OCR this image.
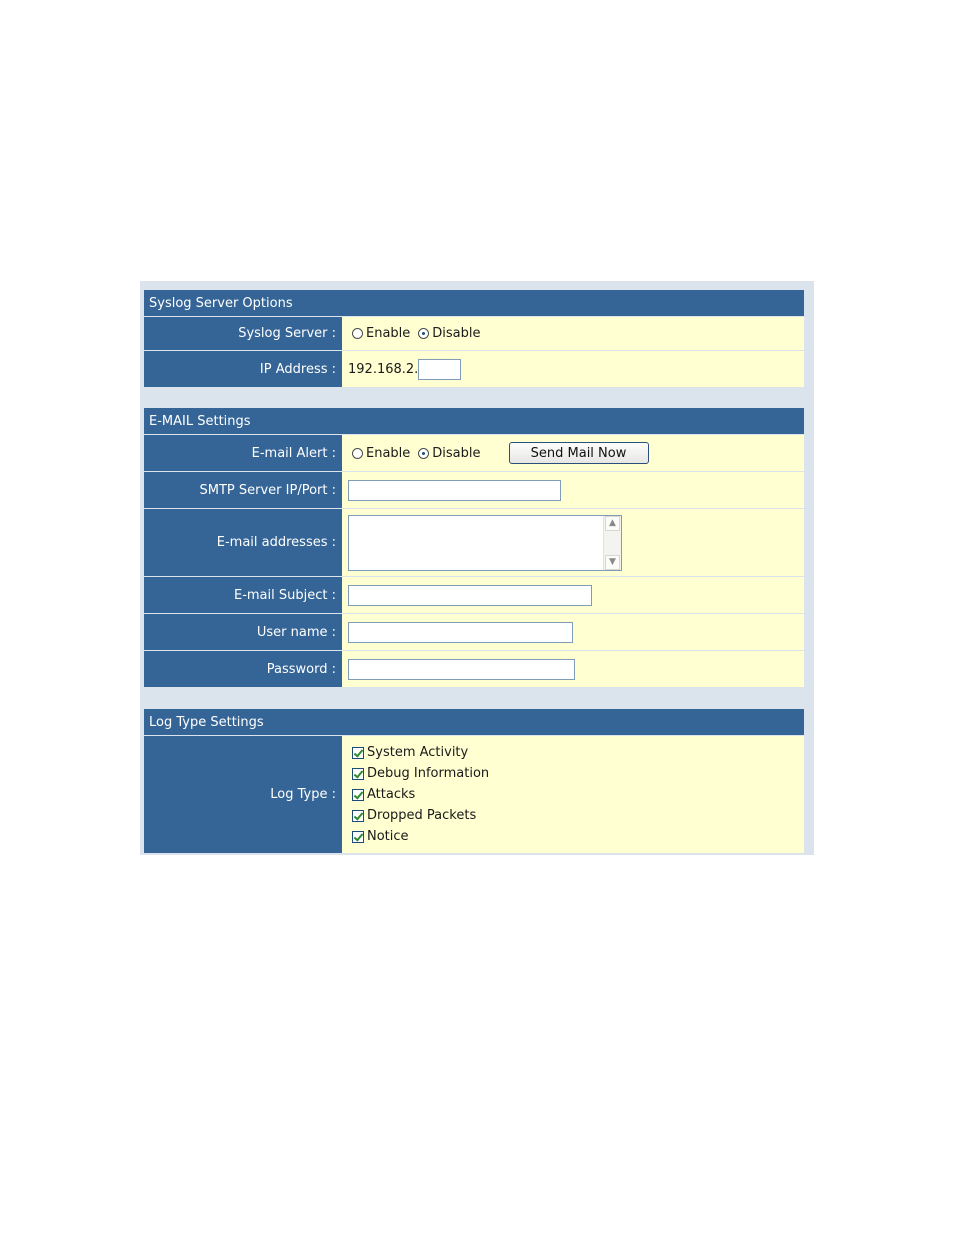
Syslog Server Options
Syslog Server :	Enable Disable
IP Address : 192.168.2.
E-MAIL Settings
E-mail Alert :	Enable Disable	Send Mail Now
SMTP Server IP/Port :
E-mail addresses :
▲
▼
E-mail Subject :
User name :
Password :
Log Type Settings
Log Type :
System Activity
Debug Information
Attacks
Dropped Packets
Notice
